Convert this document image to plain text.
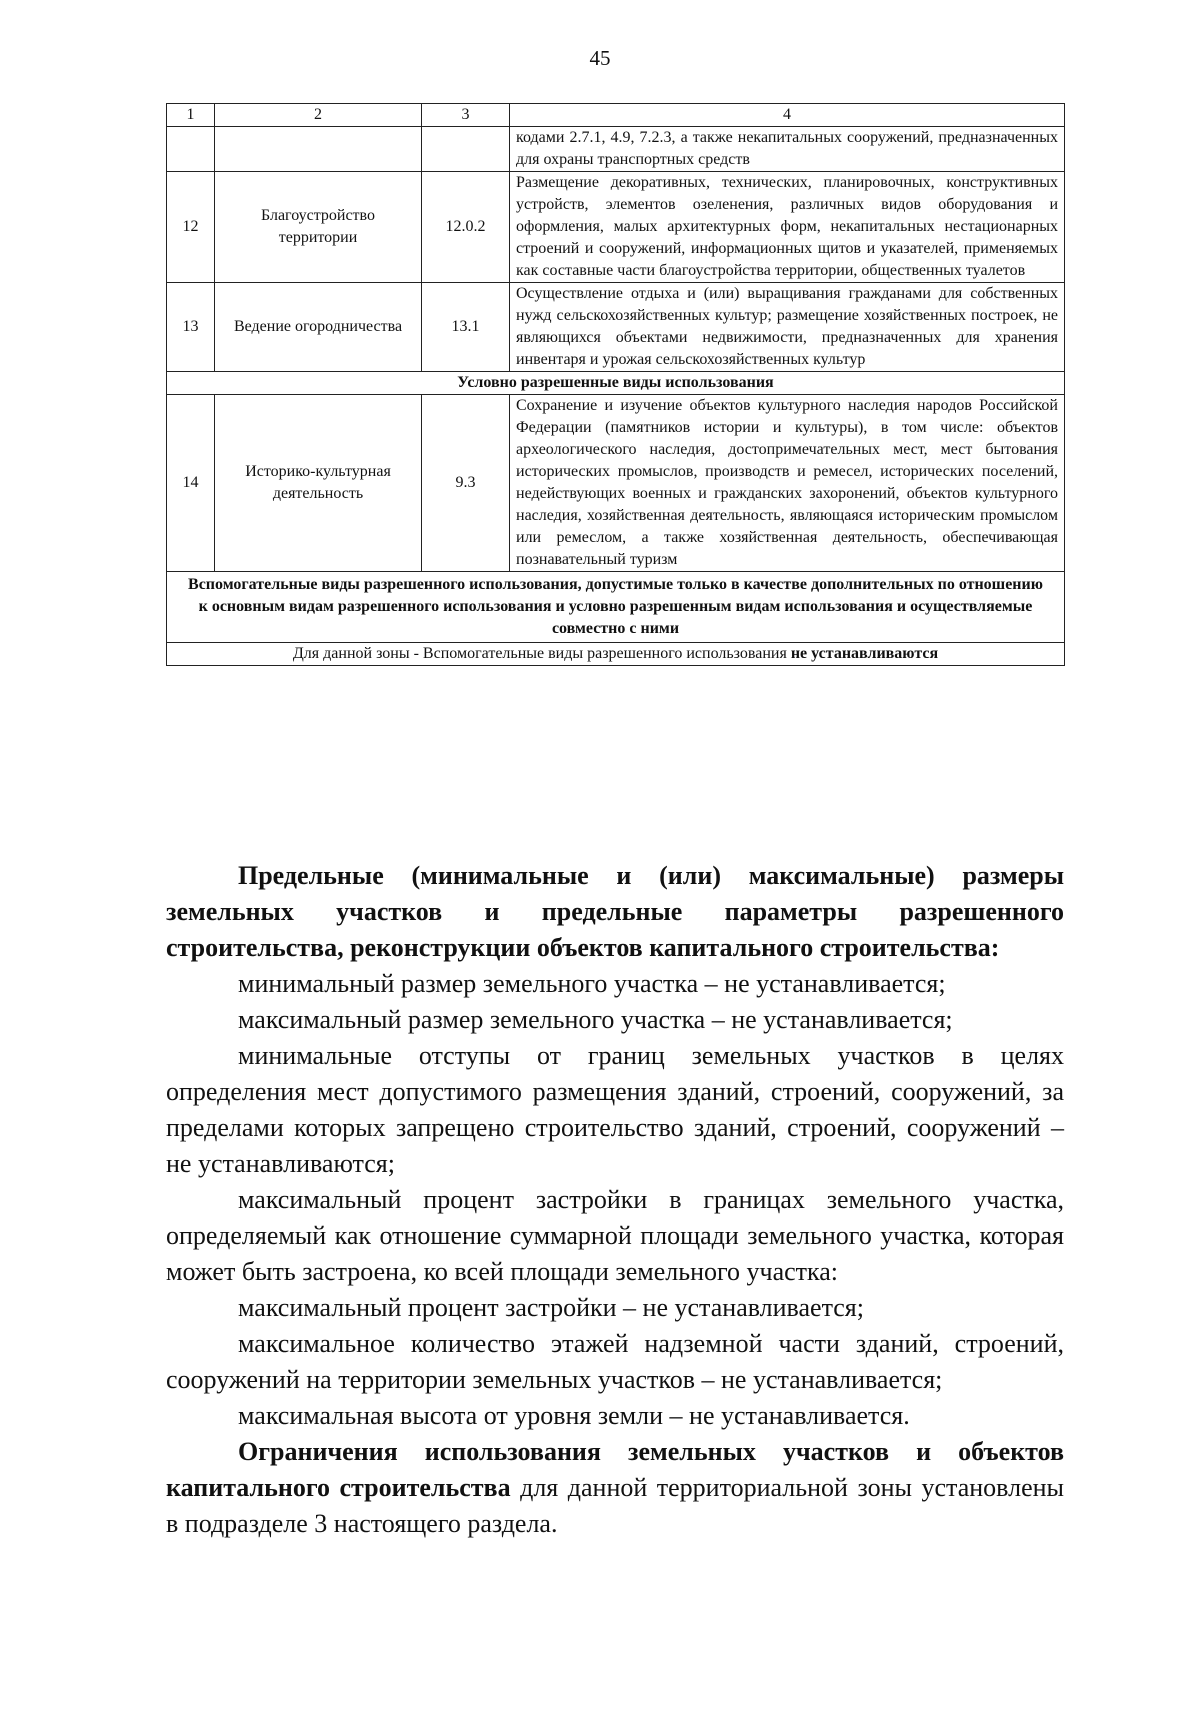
45
1	2	3	4
			кодами 2.7.1, 4.9, 7.2.3, а также некапитальных сооружений, предназначенных для охраны транспортных средств
12	Благоустройство территории	12.0.2	Размещение декоративных, технических, планировочных, конструктивных устройств, элементов озеленения, различных видов оборудования и оформления, малых архитектурных форм, некапитальных нестационарных строений и сооружений, информационных щитов и указателей, применяемых как составные части благоустройства территории, общественных туалетов
13	Ведение огородничества	13.1	Осуществление отдыха и (или) выращивания гражданами для собственных нужд сельскохозяйственных культур; размещение хозяйственных построек, не являющихся объектами недвижимости, предназначенных для хранения инвентаря и урожая сельскохозяйственных культур
Условно разрешенные виды использования			
14	Историко-культурная деятельность	9.3	Сохранение и изучение объектов культурного наследия народов Российской Федерации (памятников истории и культуры), в том числе: объектов археологического наследия, достопримечательных мест, мест бытования исторических промыслов, производств и ремесел, исторических поселений, недействующих военных и гражданских захоронений, объектов культурного наследия, хозяйственная деятельность, являющаяся историческим промыслом или ремеслом, а также хозяйственная деятельность, обеспечивающая познавательный туризм
Вспомогательные виды разрешенного использования, допустимые только в качестве дополнительных по отношению к основным видам разрешенного использования и условно разрешенным видам использования и осуществляемые совместно с ними			
Для данной зоны - Вспомогательные виды разрешенного использования не устанавливаются			

Предельные (минимальные и (или) максимальные) размеры земельных участков и предельные параметры разрешенного строительства, реконструкции объектов капитального строительства:

минимальный размер земельного участка – не устанавливается;

максимальный размер земельного участка – не устанавливается;

минимальные отступы от границ земельных участков в целях определения мест допустимого размещения зданий, строений, сооружений, за пределами которых запрещено строительство зданий, строений, сооружений – не устанавливаются;

максимальный процент застройки в границах земельного участка, определяемый как отношение суммарной площади земельного участка, которая может быть застроена, ко всей площади земельного участка:

максимальный процент застройки – не устанавливается;

максимальное количество этажей надземной части зданий, строений, сооружений на территории земельных участков – не устанавливается;

максимальная высота от уровня земли – не устанавливается.

Ограничения использования земельных участков и объектов капитального строительства для данной территориальной зоны установлены в подразделе 3 настоящего раздела.
